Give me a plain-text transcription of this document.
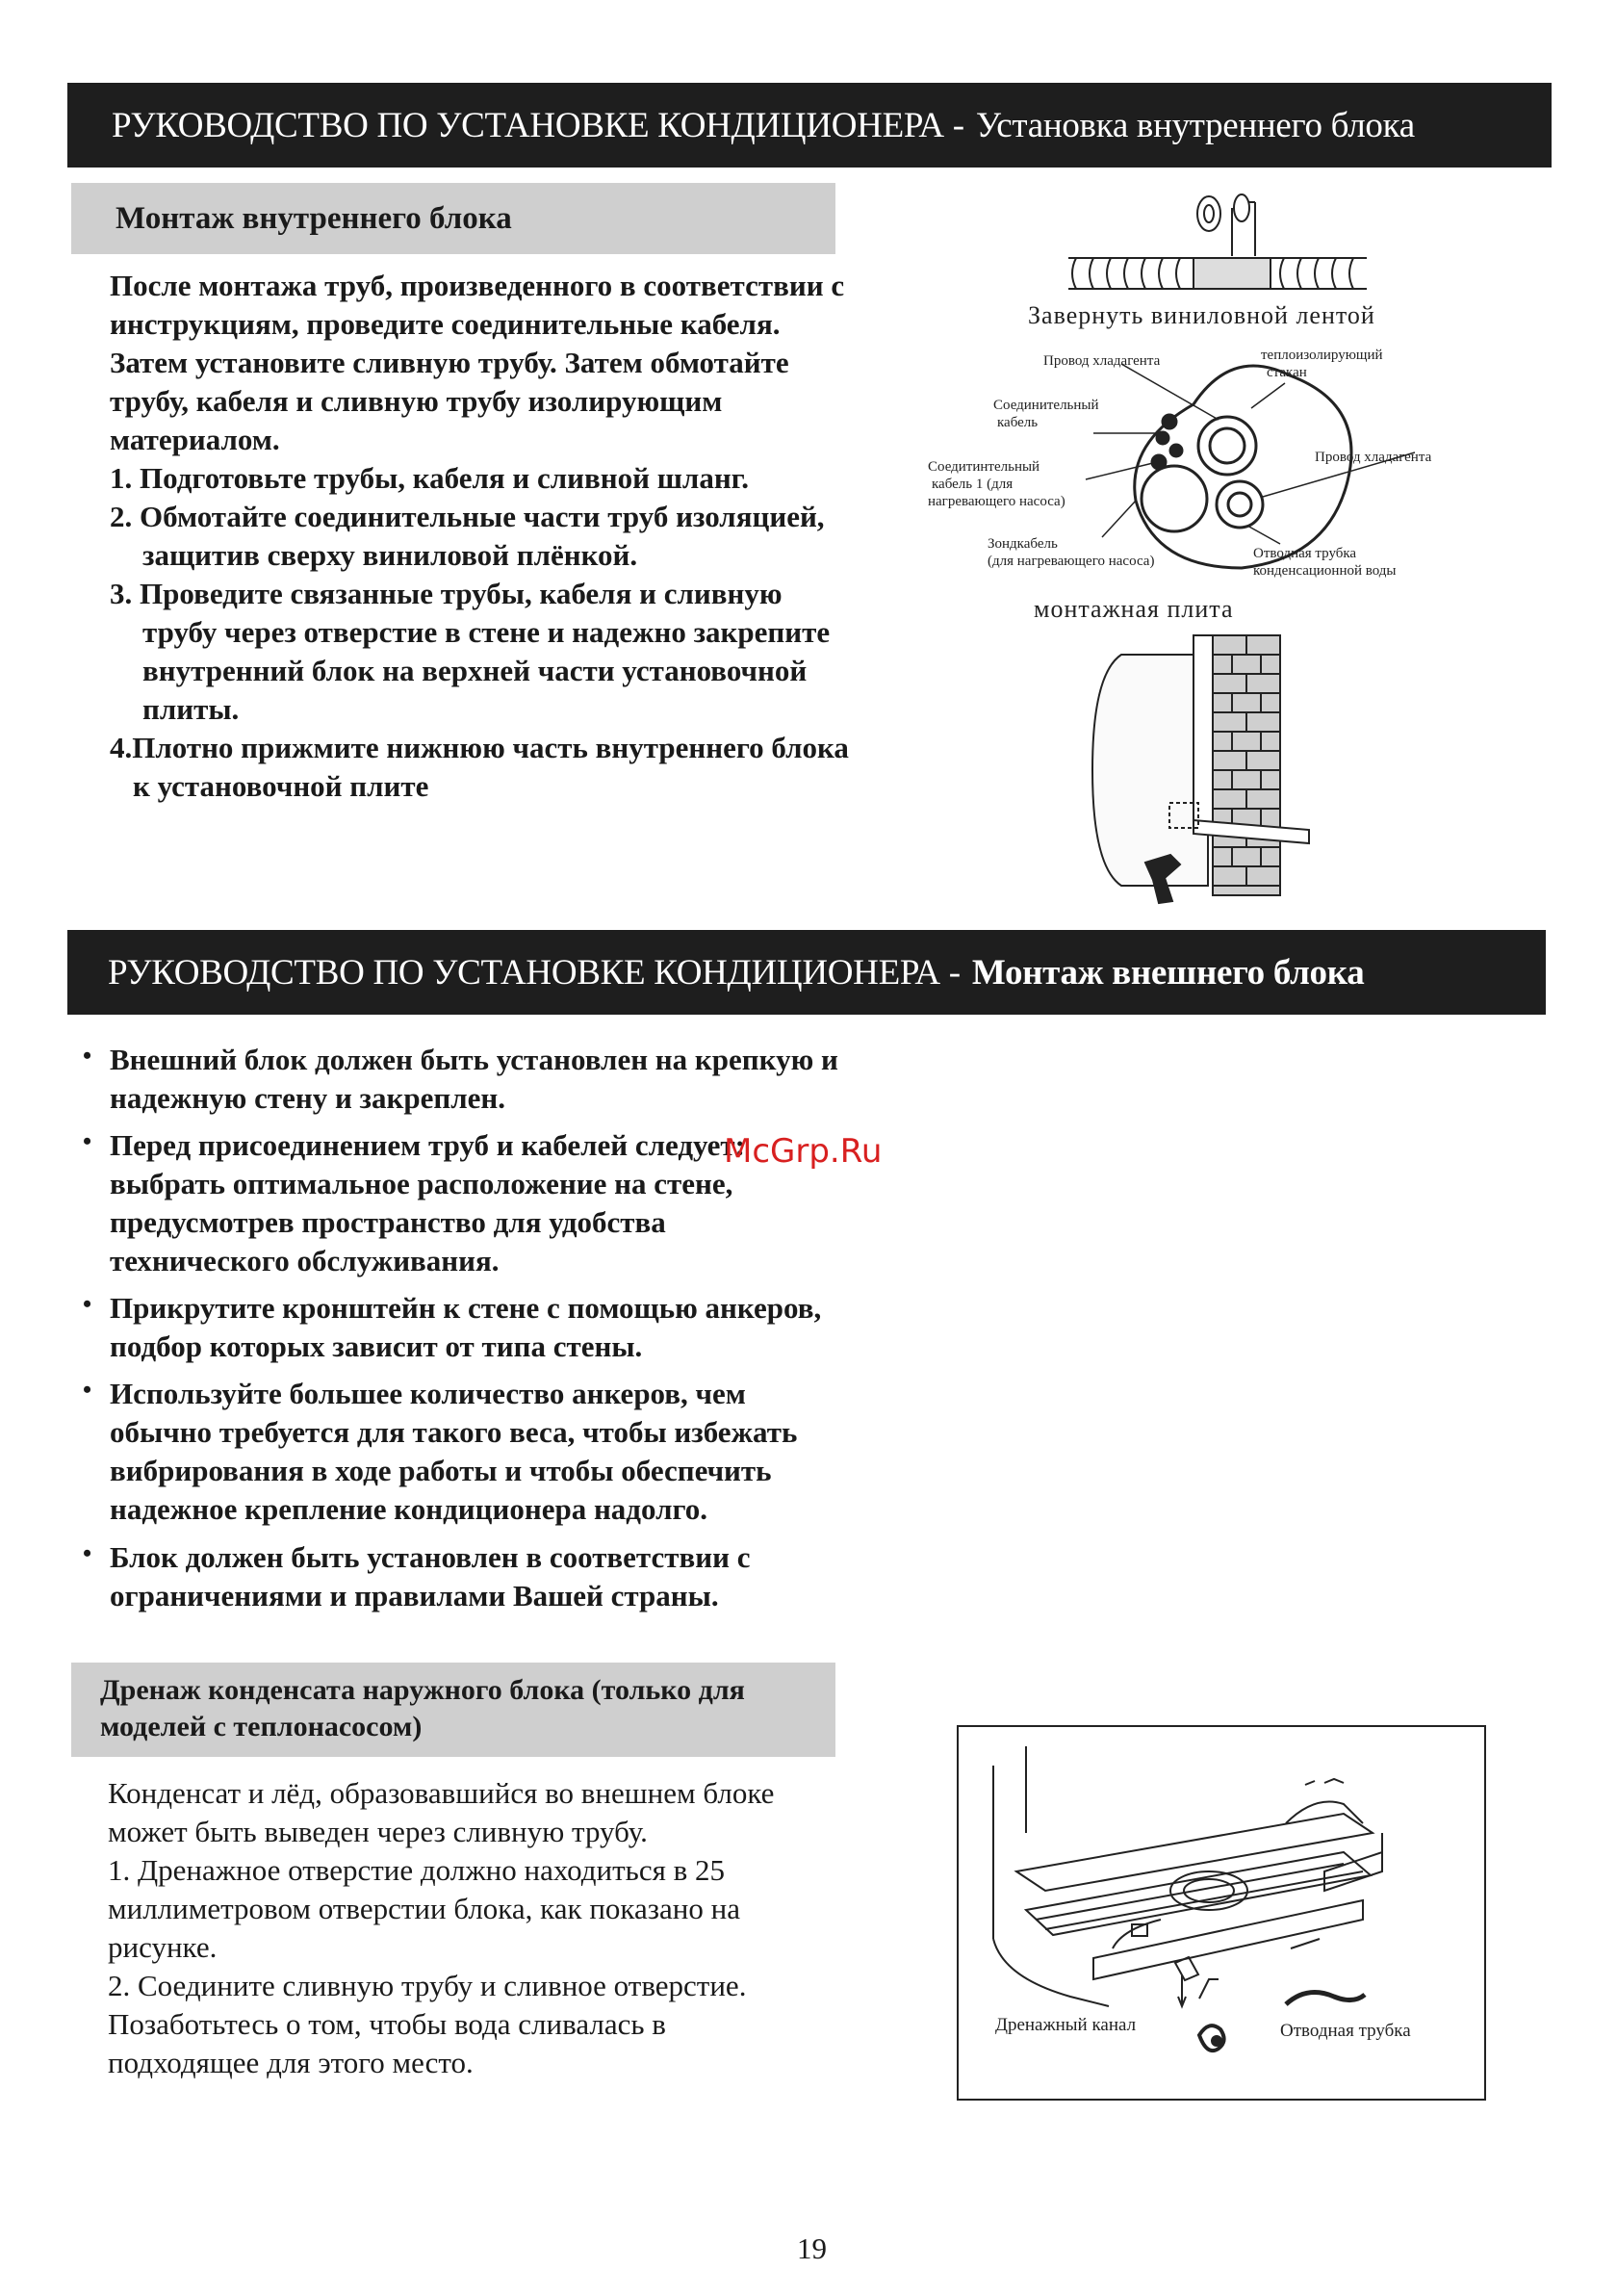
РУКОВОДСТВО ПО УСТАНОВКЕ КОНДИЦИОНЕРА - Установка внутреннего блока
Монтаж внутреннего блока
После монтажа труб, произведенного в соответствии с
инструкциям, проведите соединительные кабеля.
Затем установите сливную трубу. Затем обмотайте
трубу, кабеля и сливную трубу изолирующим
материалом.
1. Подготовьте трубы, кабеля и сливной шланг.
2. Обмотайте соединительные части труб изоляцией,
защитив сверху виниловой плёнкой.
3. Проведите связанные трубы, кабеля и сливную
трубу через отверстие в стене и надежно закрепите
внутренний блок на верхней части установочной
плиты.
4.Плотно прижмите нижнюю часть внутреннего блока
к установочной плите
Завернуть виниловной лентой
Провод хладагента	теплоизолирующий
стакан
Соединительный
кабель
Соедитинтельный
кабель 1 (для
нагревающего насоса)
Провод хладагента
Зондкабель
(для нагревающего насоса)	Отводная трубка
конденсационной воды
монтажная плита
РУКОВОДСТВО ПО УСТАНОВКЕ КОНДИЦИОНЕРА - Монтаж внешнего блока
• Внешний блок должен быть установлен на крепкую и
надежную стену и закреплен.
• Перед присоединением труб и кабелей следует:
выбрать оптимальное расположение на стене,
предусмотрев пространство для удобства
технического обслуживания.
• Прикрутите кронштейн к стене с помощью анкеров,
подбор которых зависит от типа стены.
• Используйте большее количество анкеров, чем
обычно требуется для такого веса, чтобы избежать
вибрирования в ходе работы и чтобы обеспечить
надежное крепление кондиционера надолго.
• Блок должен быть установлен в соответствии с
ограничениями и правилами Вашей страны.
McGrp.Ru
Дренаж конденсата наружного блока (только для
моделей с теплонасосом)
Конденсат и лёд, образовавшийся во внешнем блоке
может быть выведен через сливную трубу.
1. Дренажное отверстие должно находиться в 25
миллиметровом отверстии блока, как показано на
рисунке.
2. Соедините сливную трубу и сливное отверстие.
Позаботьтесь о том, чтобы вода сливалась в
подходящее для этого место.
Дренажный канал	Отводная трубка
19
